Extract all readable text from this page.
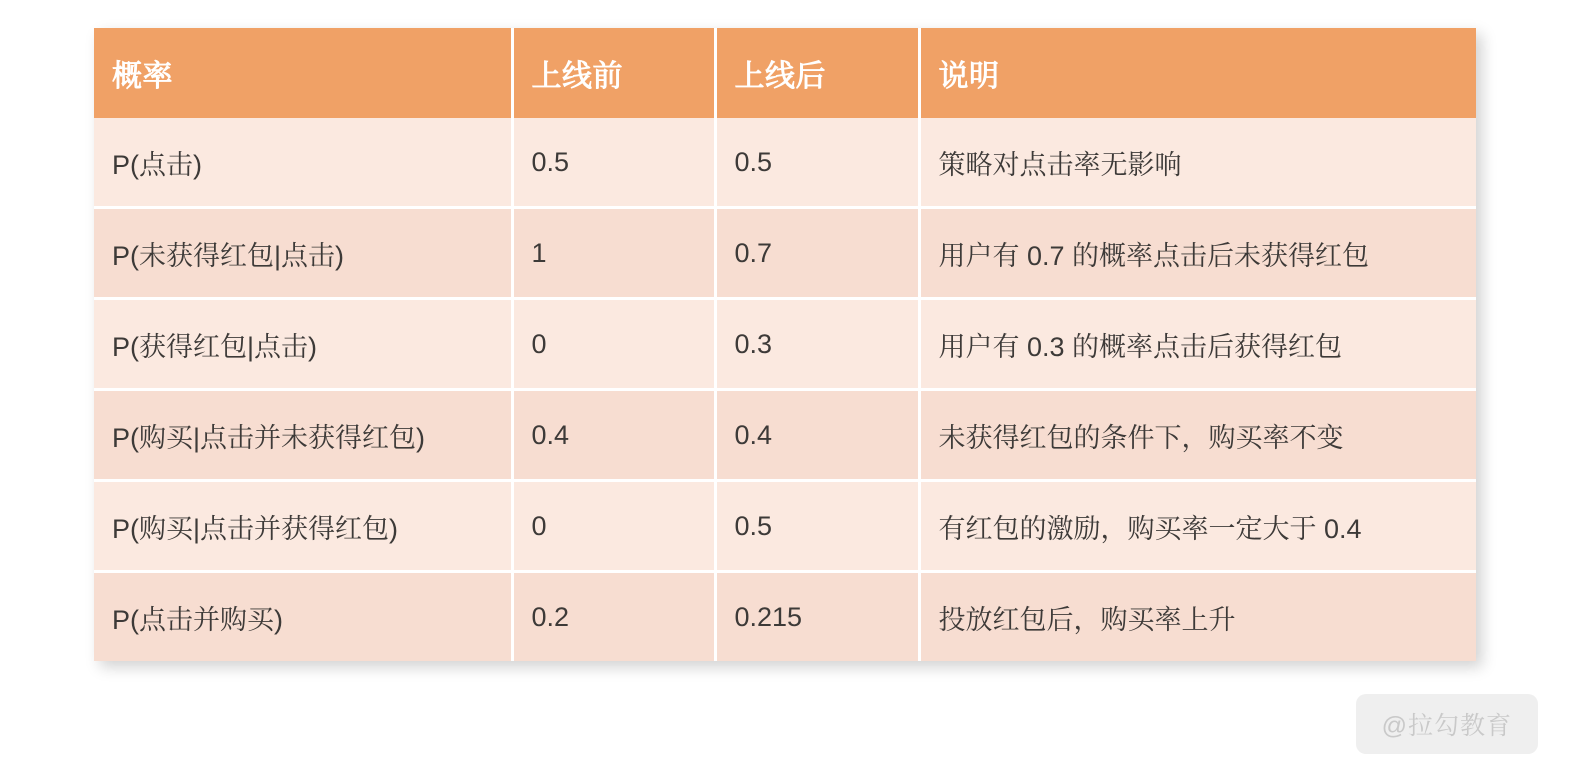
概率	上线前	上线后	说明
P(点击)	0.5	0.5	策略对点击率无影响
P(未获得红包|点击)	1	0.7	用户有 0.7 的概率点击后未获得红包
P(获得红包|点击)	0	0.3	用户有 0.3 的概率点击后获得红包
P(购买|点击并未获得红包)	0.4	0.4	未获得红包的条件下，购买率不变
P(购买|点击并获得红包)	0	0.5	有红包的激励，购买率一定大于 0.4
P(点击并购买)	0.2	0.215	投放红包后，购买率上升
@拉勾教育
